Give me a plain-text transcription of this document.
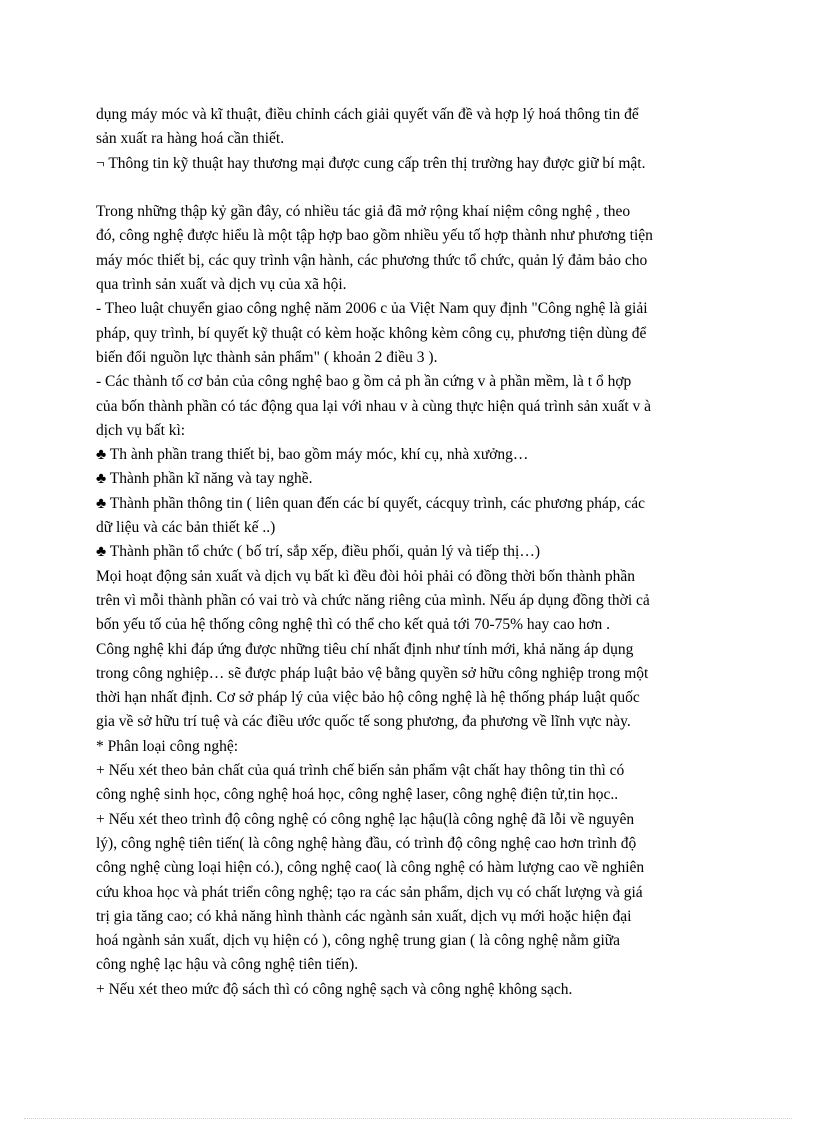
dụng máy móc và kĩ thuật, điều chỉnh cách giải quyết vấn đề và hợp lý hoá thông tin để
sản xuất ra hàng hoá cần thiết.
¬ Thông tin kỹ thuật hay thương mại được cung cấp trên thị trường hay được giữ bí mật.
Trong những thập kỷ gần đây, có nhiều tác giả đã mở rộng khaí niệm công nghệ , theo
đó, công nghệ được hiểu là một tập hợp bao gồm nhiều yếu tố hợp thành như phương tiện
máy móc thiết bị, các quy trình vận hành, các phương thức tổ chức, quản lý đảm bảo cho
qua trình sản xuất và dịch vụ của xã hội.
- Theo luật chuyển giao công nghệ năm 2006 c ủa Việt Nam quy định "Công nghệ là giải
pháp, quy trình, bí quyết kỹ thuật có kèm hoặc không kèm công cụ, phương tiện dùng để
biến đổi nguồn lực thành sản phẩm" ( khoản 2 điều 3 ).
- Các thành tố cơ bản của công nghệ bao g ồm cả ph ần cứng v à phần mềm, là t ổ hợp
của bốn thành phần có tác động qua lại với nhau v à cùng thực hiện quá trình sản xuất v à
dịch vụ bất kì:
♣ Th ành phần trang thiết bị, bao gồm máy móc, khí cụ, nhà xưởng…
♣ Thành phần kĩ năng và tay nghề.
♣ Thành phần thông tin ( liên quan đến các bí quyết, cácquy trình, các phương pháp, các
dữ liệu và các bản thiết kế ..)
♣ Thành phần tổ chức ( bố trí, sắp xếp, điều phối, quản lý và tiếp thị…)
Mọi hoạt động sản xuất và dịch vụ bất kì đều đòi hỏi phải có đồng thời bốn thành phần
trên vì mỗi thành phần có vai trò và chức năng riêng của mình. Nếu áp dụng đồng thời cả
bốn yếu tố của hệ thống công nghệ thì có thể cho kết quả tới 70-75% hay cao hơn .
Công nghệ khi đáp ứng được những tiêu chí nhất định như tính mới, khả năng áp dụng
trong công nghiệp… sẽ được pháp luật bảo vệ bằng quyền sở hữu công nghiệp trong một
thời hạn nhất định. Cơ sở pháp lý của việc bảo hộ công nghệ là hệ thống pháp luật quốc
gia về sở hữu trí tuệ và các điều ước quốc tế song phương, đa phương về lĩnh vực này.
* Phân loại công nghệ:
+ Nếu xét theo bản chất của quá trình chế biến sản phẩm vật chất hay thông tin thì có
công nghệ sinh học, công nghệ hoá học, công nghệ laser, công nghệ điện tử,tin học..
+ Nếu xét theo trình độ công nghệ có công nghệ lạc hậu(là công nghệ đã lỗi về nguyên
lý), công nghệ tiên tiến( là công nghệ hàng đầu, có trình độ công nghệ cao hơn trình độ
công nghệ cùng loại hiện có.), công nghệ cao( là công nghệ có hàm lượng cao về nghiên
cứu khoa học và phát triển công nghệ; tạo ra các sản phẩm, dịch vụ có chất lượng và giá
trị gia tăng cao; có khả năng hình thành các ngành sản xuất, dịch vụ mới hoặc hiện đại
hoá ngành sản xuất, dịch vụ hiện có ), công nghệ trung gian ( là công nghệ nằm giữa
công nghệ lạc hậu và công nghệ tiên tiến).
+ Nếu xét theo mức độ sách thì có công nghệ sạch và công nghệ không sạch.
